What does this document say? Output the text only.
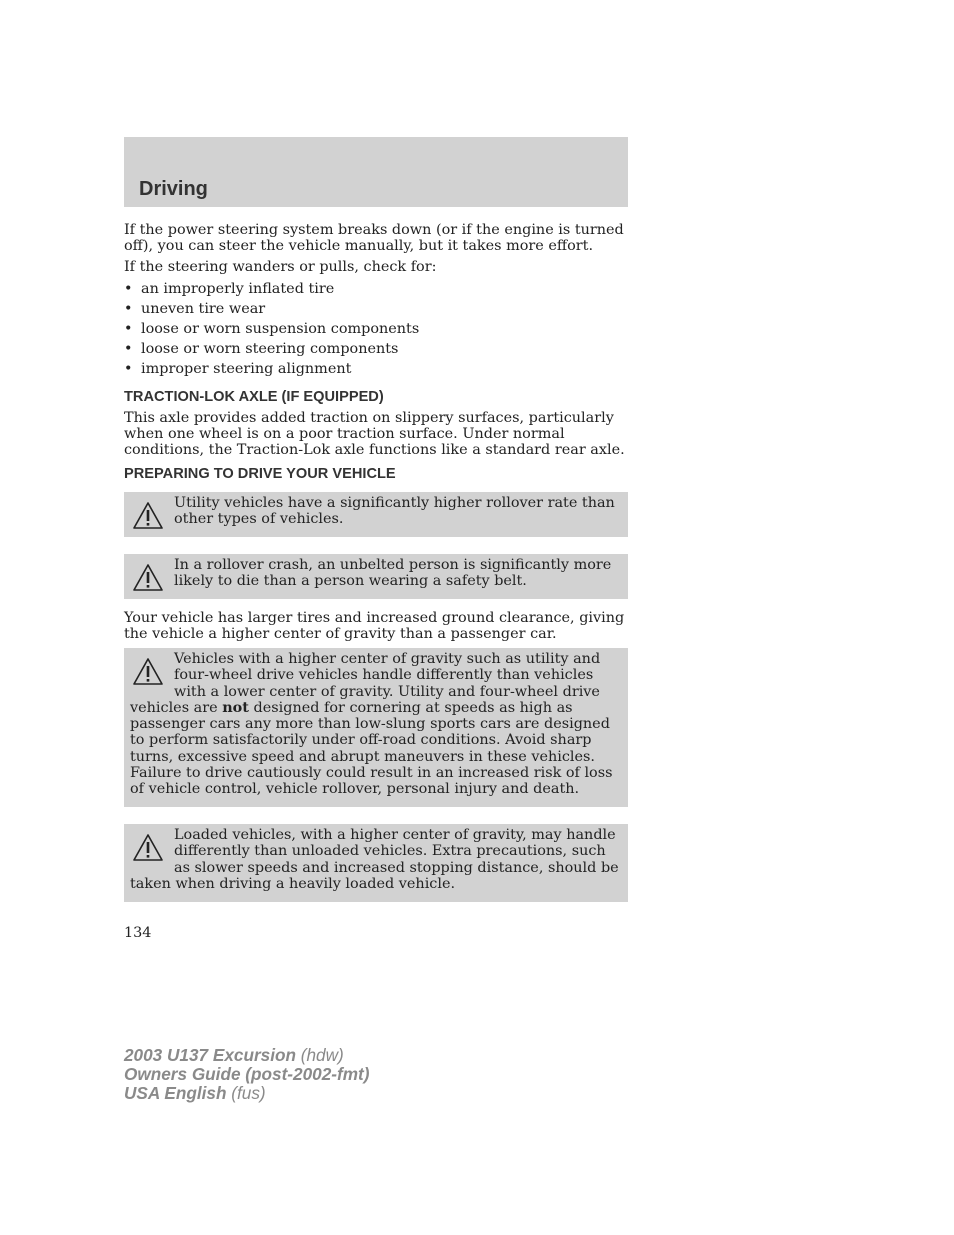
Driving

If the power steering system breaks down (or if the engine is turned off), you can steer the vehicle manually, but it takes more effort.

If the steering wanders or pulls, check for:

• an improperly inflated tire
• uneven tire wear
• loose or worn suspension components
• loose or worn steering components
• improper steering alignment
TRACTION-LOK AXLE (IF EQUIPPED)

This axle provides added traction on slippery surfaces, particularly when one wheel is on a poor traction surface. Under normal conditions, the Traction-Lok axle functions like a standard rear axle.

PREPARING TO DRIVE YOUR VEHICLE

Utility vehicles have a significantly higher rollover rate than other types of vehicles.

In a rollover crash, an unbelted person is significantly more likely to die than a person wearing a safety belt.

Your vehicle has larger tires and increased ground clearance, giving the vehicle a higher center of gravity than a passenger car.

Vehicles with a higher center of gravity such as utility and four-wheel drive vehicles handle differently than vehicles with a lower center of gravity. Utility and four-wheel drive vehicles are not designed for cornering at speeds as high as passenger cars any more than low-slung sports cars are designed to perform satisfactorily under off-road conditions. Avoid sharp turns, excessive speed and abrupt maneuvers in these vehicles. Failure to drive cautiously could result in an increased risk of loss of vehicle control, vehicle rollover, personal injury and death.

Loaded vehicles, with a higher center of gravity, may handle differently than unloaded vehicles. Extra precautions, such as slower speeds and increased stopping distance, should be taken when driving a heavily loaded vehicle.

134
2003 U137 Excursion (hdw)
Owners Guide (post-2002-fmt)
USA English (fus)
